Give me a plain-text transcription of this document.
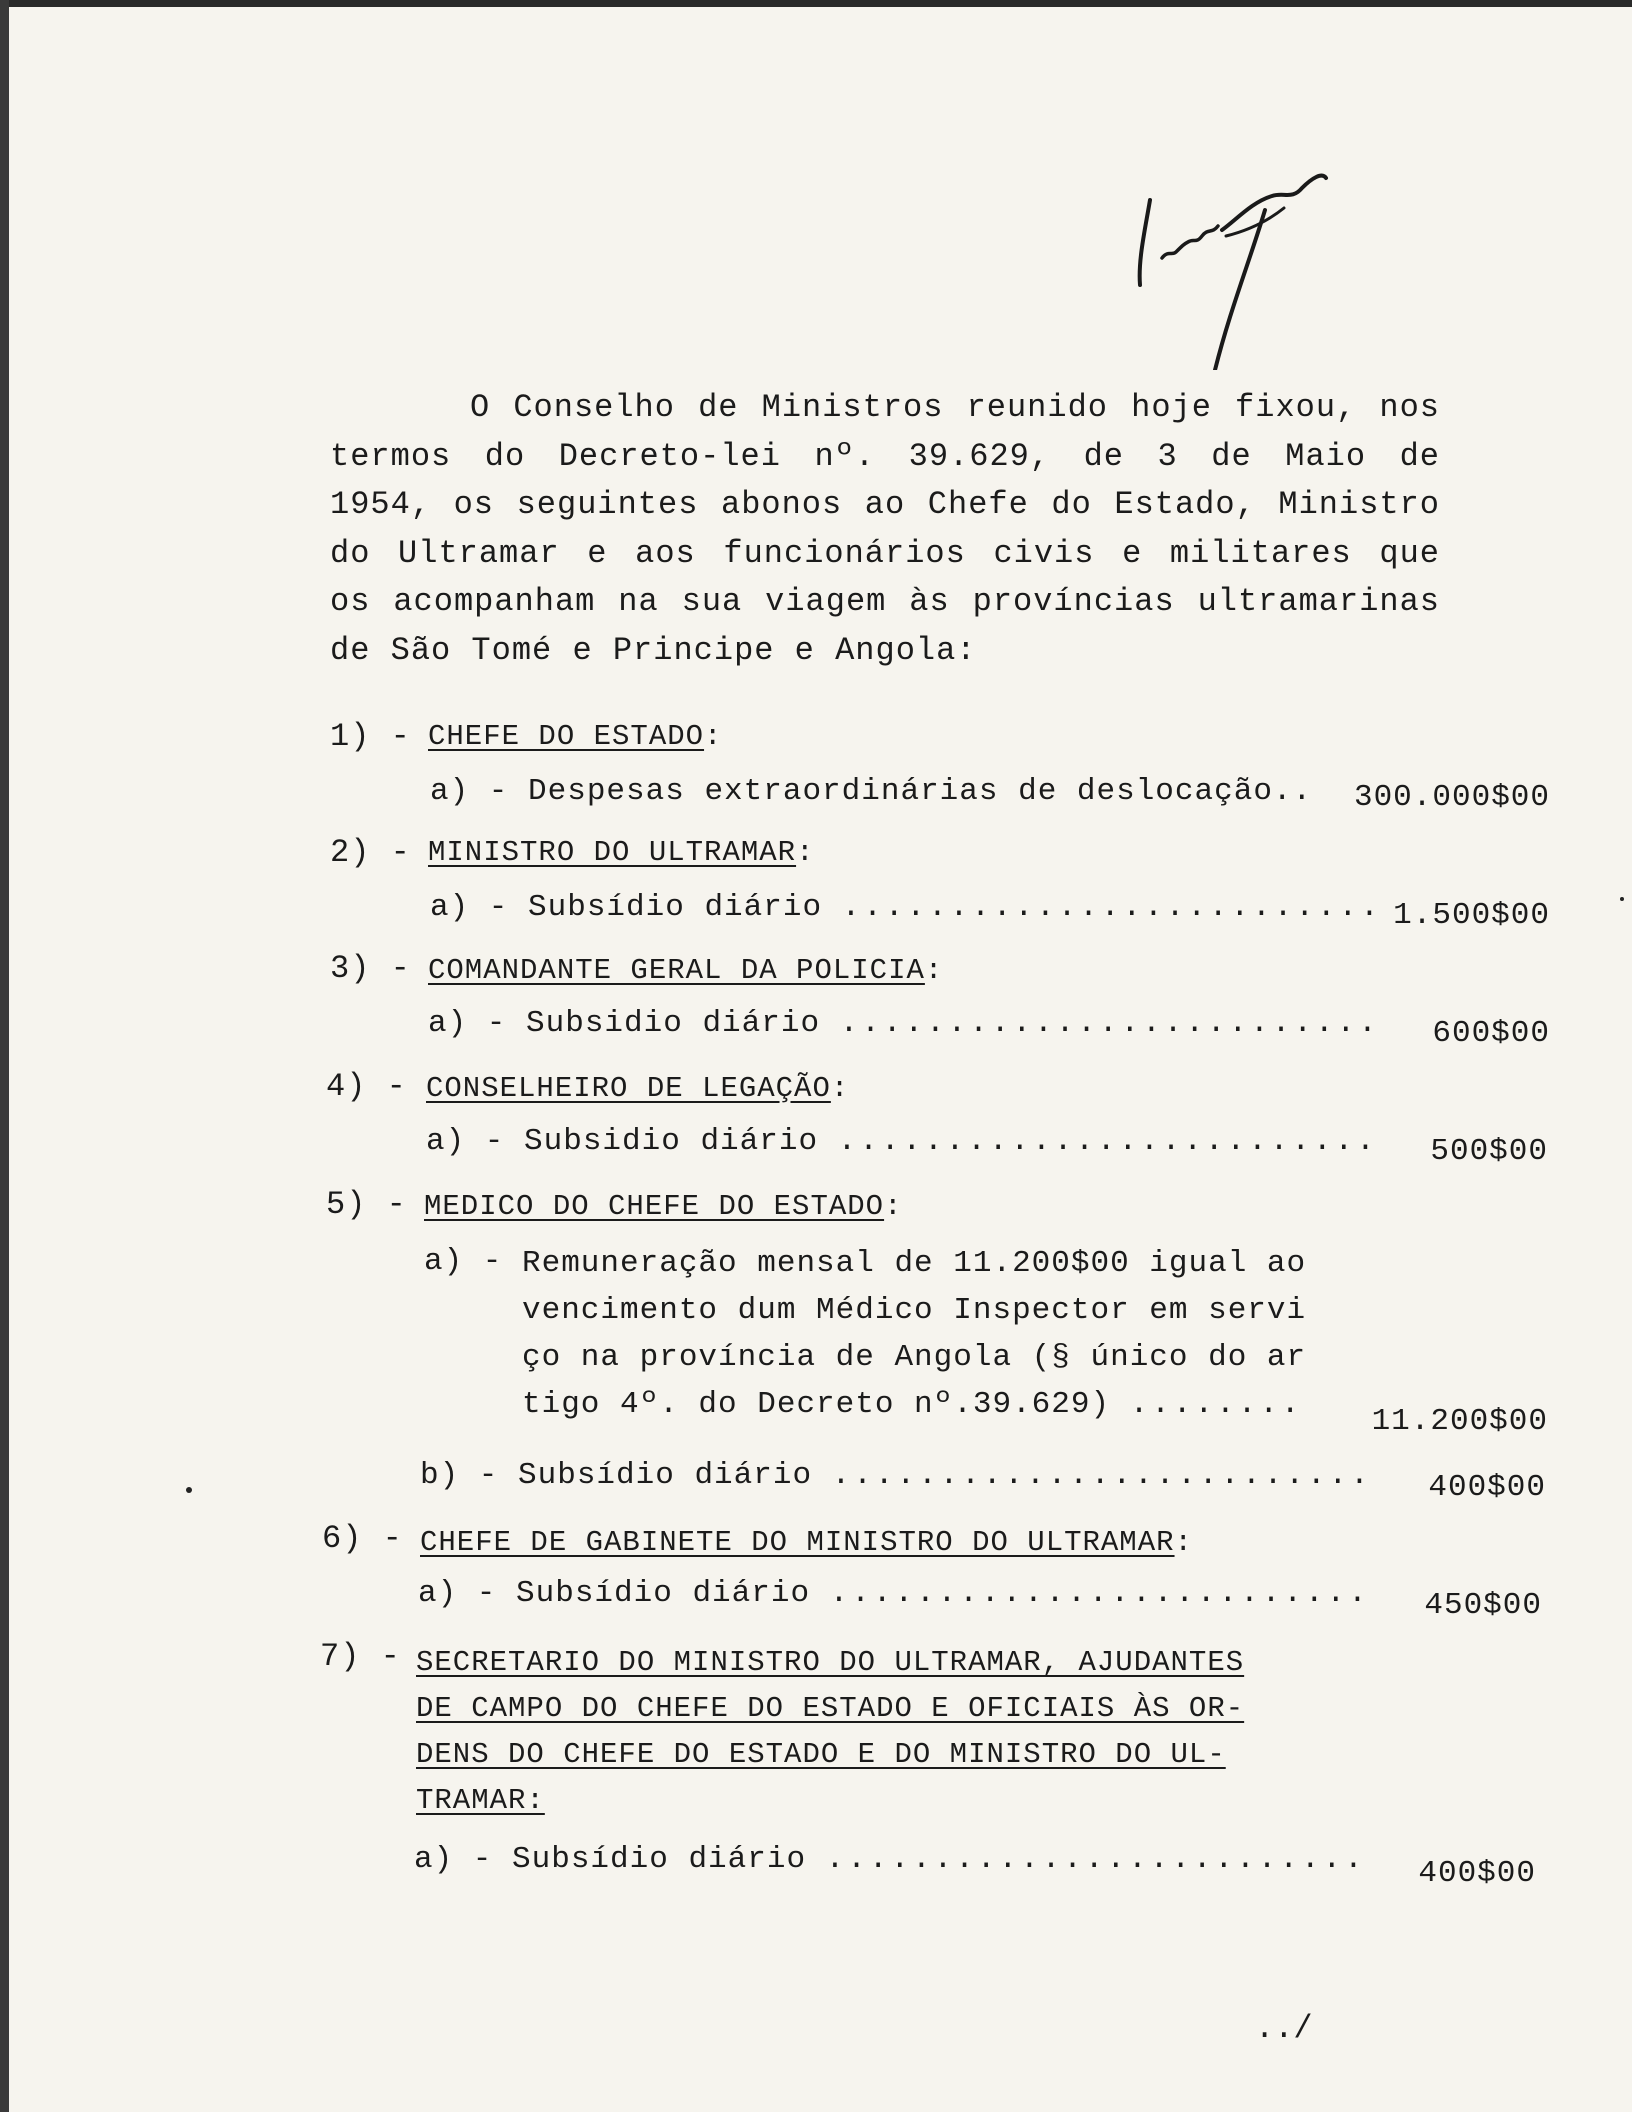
O Conselho de Ministros reunido hoje fixou, nos termos do Decreto-lei nº. 39.629, de 3 de Maio de 1954, os seguintes abonos ao Chefe do Estado, Ministro do Ultramar e aos funcionários civis e militares que os acompanham na sua viagem às províncias ultramarinas de São Tomé e Principe e Angola:

1) - CHEFE DO ESTADO:
a) - Despesas extraordinárias de deslocação..	300.000$00
2) - MINISTRO DO ULTRAMAR:
a) - Subsídio diário ......................... 1.500$00
3) - COMANDANTE GERAL DA POLICIA:
a) - Subsidio diário .........................	600$00
4) - CONSELHEIRO DE LEGAÇÃO:
a) - Subsidio diário .........................	500$00
5) - MEDICO DO CHEFE DO ESTADO:
a) - Remuneração mensal de 11.200$00 igual ao
vencimento dum Médico Inspector em servi
ço na província de Angola (§ único do ar
tigo 4º. do Decreto nº.39.629) ........	11.200$00
b) - Subsídio diário .........................	400$00
6) - CHEFE DE GABINETE DO MINISTRO DO ULTRAMAR:
a) - Subsídio diário .........................	450$00
7) - SECRETARIO DO MINISTRO DO ULTRAMAR, AJUDANTES
DE CAMPO DO CHEFE DO ESTADO E OFICIAIS ÀS OR-
DENS DO CHEFE DO ESTADO E DO MINISTRO DO UL-
TRAMAR:
a) - Subsídio diário .........................	400$00
../
